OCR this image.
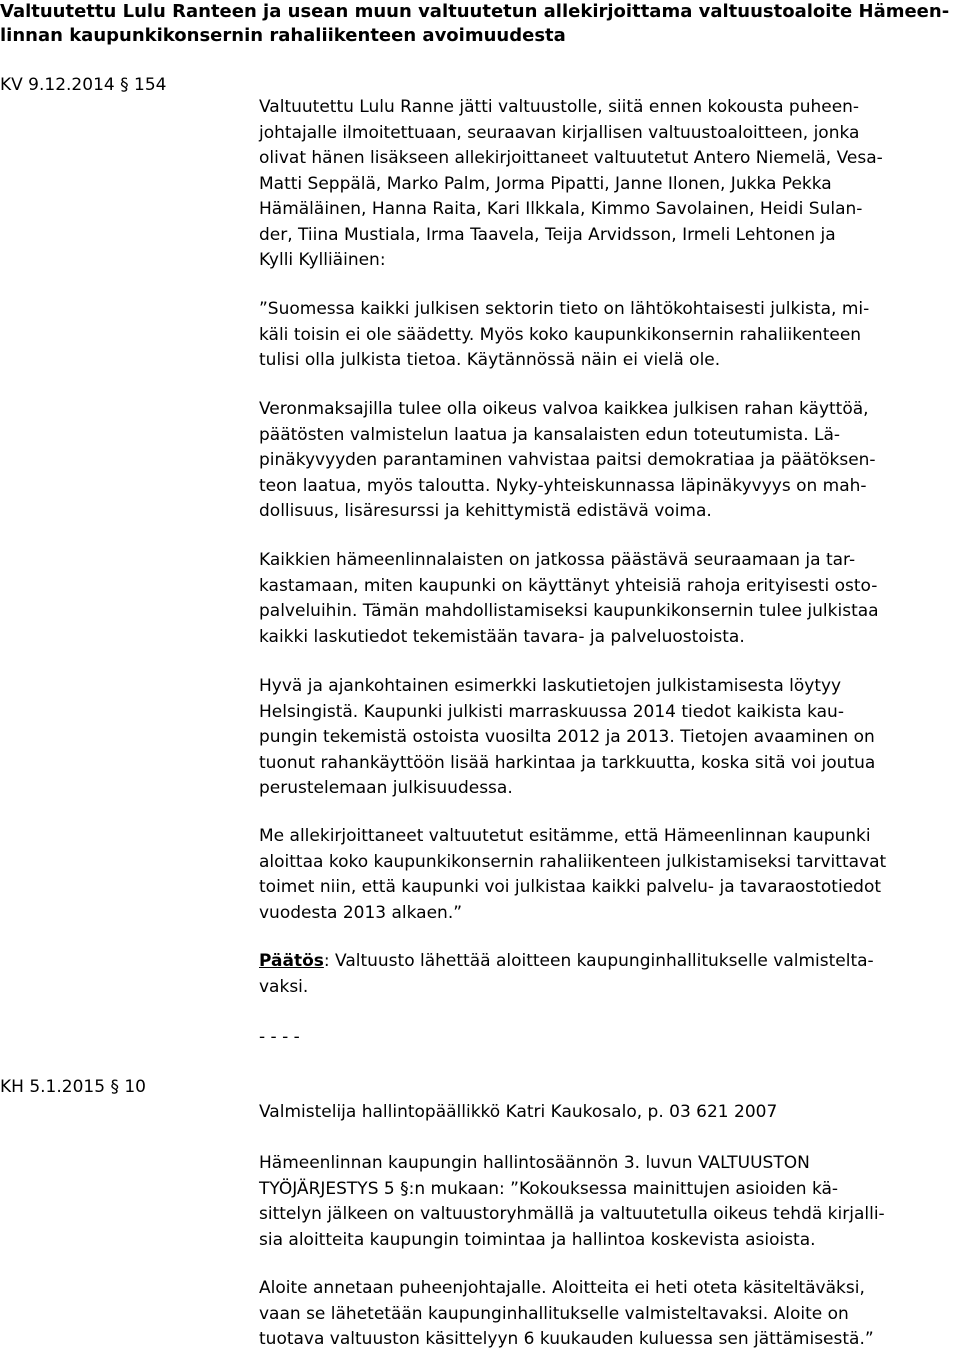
Valtuutettu Lulu Ranteen ja usean muun valtuutetun allekirjoittama valtuustoaloite Hämeen-
linnan kaupunkikonsernin rahaliikenteen avoimuudesta
KV 9.12.2014 § 154
Valtuutettu Lulu Ranne jätti valtuustolle, siitä ennen kokousta puheen-
johtajalle ilmoitettuaan, seuraavan kirjallisen valtuustoaloitteen, jonka
olivat hänen lisäkseen allekirjoittaneet valtuutetut Antero Niemelä, Vesa-
Matti Seppälä, Marko Palm, Jorma Pipatti, Janne Ilonen, Jukka Pekka
Hämäläinen, Hanna Raita, Kari Ilkkala, Kimmo Savolainen, Heidi Sulan-
der, Tiina Mustiala, Irma Taavela, Teija Arvidsson, Irmeli Lehtonen ja
Kylli Kylliäinen:
”Suomessa kaikki julkisen sektorin tieto on lähtökohtaisesti julkista, mi-
käli toisin ei ole säädetty. Myös koko kaupunkikonsernin rahaliikenteen
tulisi olla julkista tietoa. Käytännössä näin ei vielä ole.
Veronmaksajilla tulee olla oikeus valvoa kaikkea julkisen rahan käyttöä,
päätösten valmistelun laatua ja kansalaisten edun toteutumista. Lä-
pinäkyvyyden parantaminen vahvistaa paitsi demokratiaa ja päätöksen-
teon laatua, myös taloutta. Nyky-yhteiskunnassa läpinäkyvyys on mah-
dollisuus, lisäresurssi ja kehittymistä edistävä voima.
Kaikkien hämeenlinnalaisten on jatkossa päästävä seuraamaan ja tar-
kastamaan, miten kaupunki on käyttänyt yhteisiä rahoja erityisesti osto-
palveluihin. Tämän mahdollistamiseksi kaupunkikonsernin tulee julkistaa
kaikki laskutiedot tekemistään tavara- ja palveluostoista.
Hyvä ja ajankohtainen esimerkki laskutietojen julkistamisesta löytyy
Helsingistä. Kaupunki julkisti marraskuussa 2014 tiedot kaikista kau-
pungin tekemistä ostoista vuosilta 2012 ja 2013. Tietojen avaaminen on
tuonut rahankäyttöön lisää harkintaa ja tarkkuutta, koska sitä voi joutua
perustelemaan julkisuudessa.
Me allekirjoittaneet valtuutetut esitämme, että Hämeenlinnan kaupunki
aloittaa koko kaupunkikonsernin rahaliikenteen julkistamiseksi tarvittavat
toimet niin, että kaupunki voi julkistaa kaikki palvelu- ja tavaraostotiedot
vuodesta 2013 alkaen.”
Päätös: Valtuusto lähettää aloitteen kaupunginhallitukselle valmisteltа-
vaksi.
- - - -
KH 5.1.2015 § 10
Valmistelija hallintopäällikkö Katri Kaukosalo, p. 03 621 2007
Hämeenlinnan kaupungin hallintosäännön 3. luvun VALTUUSTON
TYÖJÄRJESTYS 5 §:n mukaan: ”Kokouksessa mainittujen asioiden kä-
sittelyn jälkeen on valtuustoryhmällä ja valtuutetulla oikeus tehdä kirjalli-
sia aloitteita kaupungin toimintaa ja hallintoa koskevista asioista.
Aloite annetaan puheenjohtajalle. Aloitteita ei heti oteta käsiteltäväksi,
vaan se lähetetään kaupunginhallitukselle valmisteltavaksi. Aloite on
tuotava valtuuston käsittelyyn 6 kuukauden kuluessa sen jättämisestä.”
